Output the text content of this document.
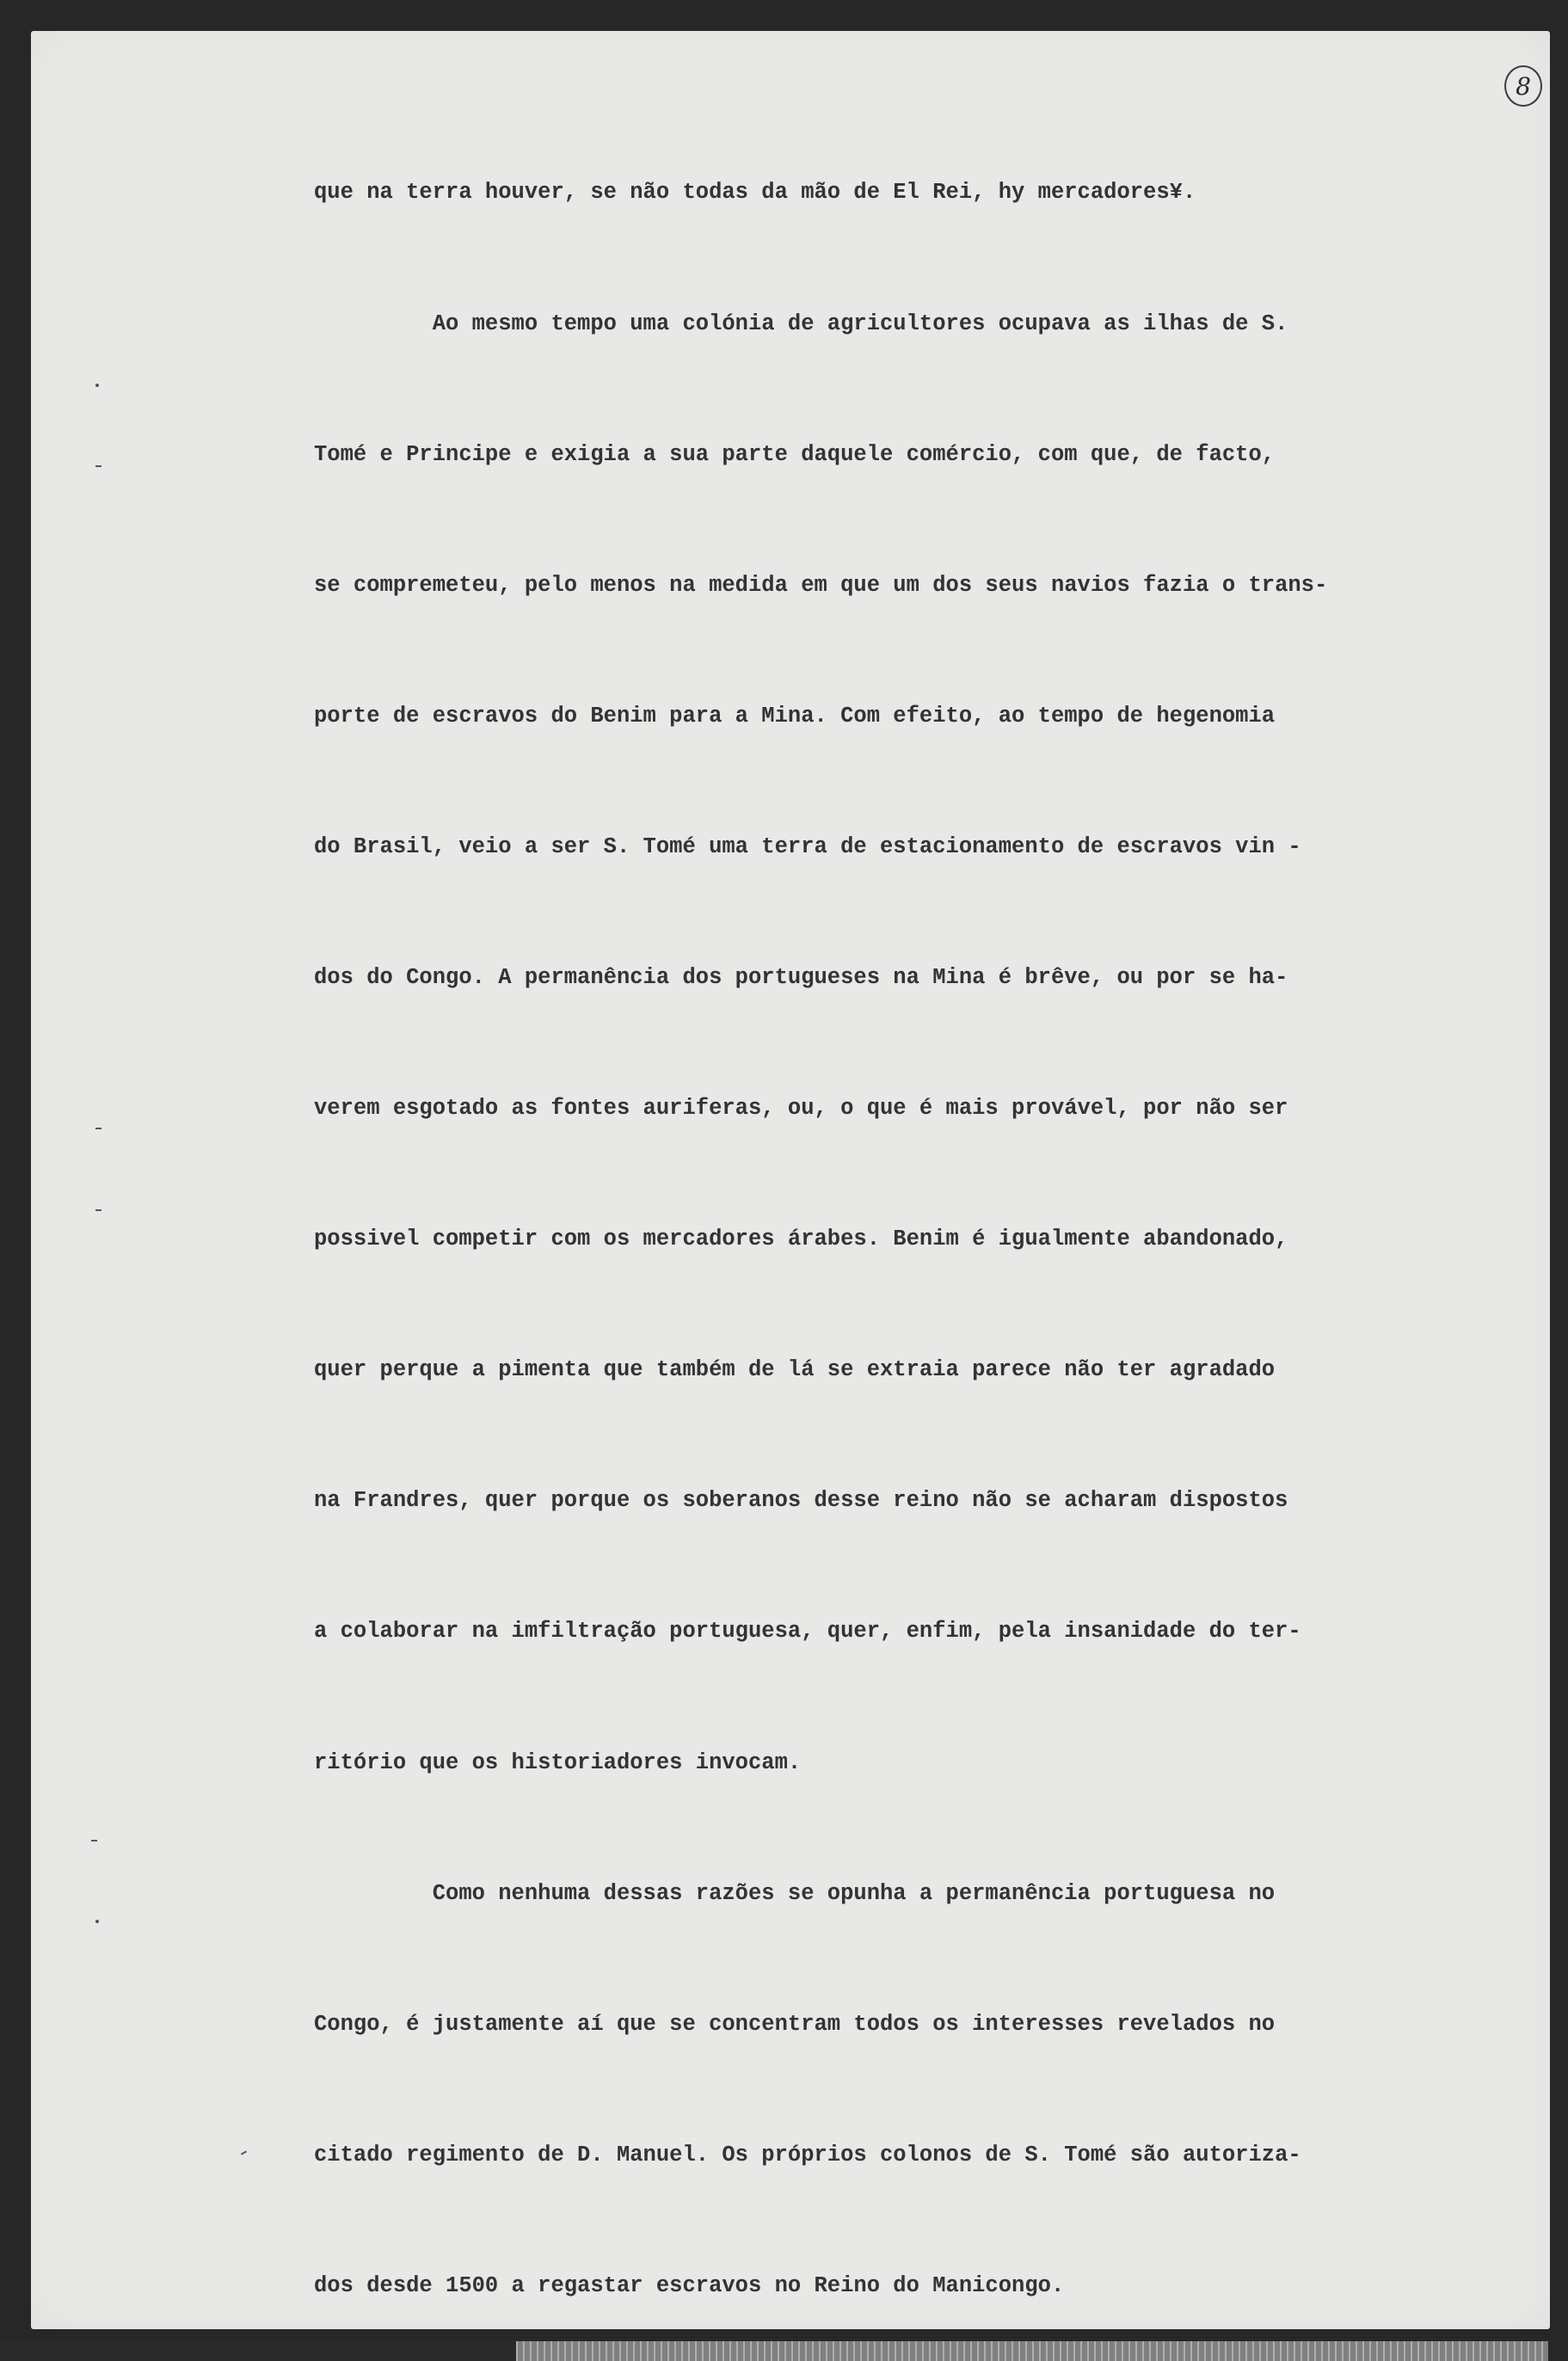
8

que na terra houver, se não todas da mão de El Rei, hy mercadores¥.

Ao mesmo tempo uma colónia de agricultores ocupava as ilhas de S.

Tomé e Principe e exigia a sua parte daquele comércio, com que, de facto,

se compremeteu, pelo menos na medida em que um dos seus navios fazia o trans-

porte de escravos do Benim para a Mina. Com efeito, ao tempo de hegenomia

do Brasil, veio a ser S. Tomé uma terra de estacionamento de escravos vin -

dos do Congo. A permanência dos portugueses na Mina é brêve, ou por se ha-

verem esgotado as fontes auriferas, ou, o que é mais provável, por não ser

possivel competir com os mercadores árabes. Benim é igualmente abandonado,

quer perque a pimenta que também de lá se extraia parece não ter agradado

na Frandres, quer porque os soberanos desse reino não se acharam dispostos

a colaborar na imfiltração portuguesa, quer, enfim, pela insanidade do ter-

ritório que os historiadores invocam.

Como nenhuma dessas razões se opunha a permanência portuguesa no

Congo, é justamente aí que se concentram todos os interesses revelados no

citado regimento de D. Manuel. Os próprios colonos de S. Tomé são autoriza-

dos desde 1500 a regastar escravos no Reino do Manicongo.
